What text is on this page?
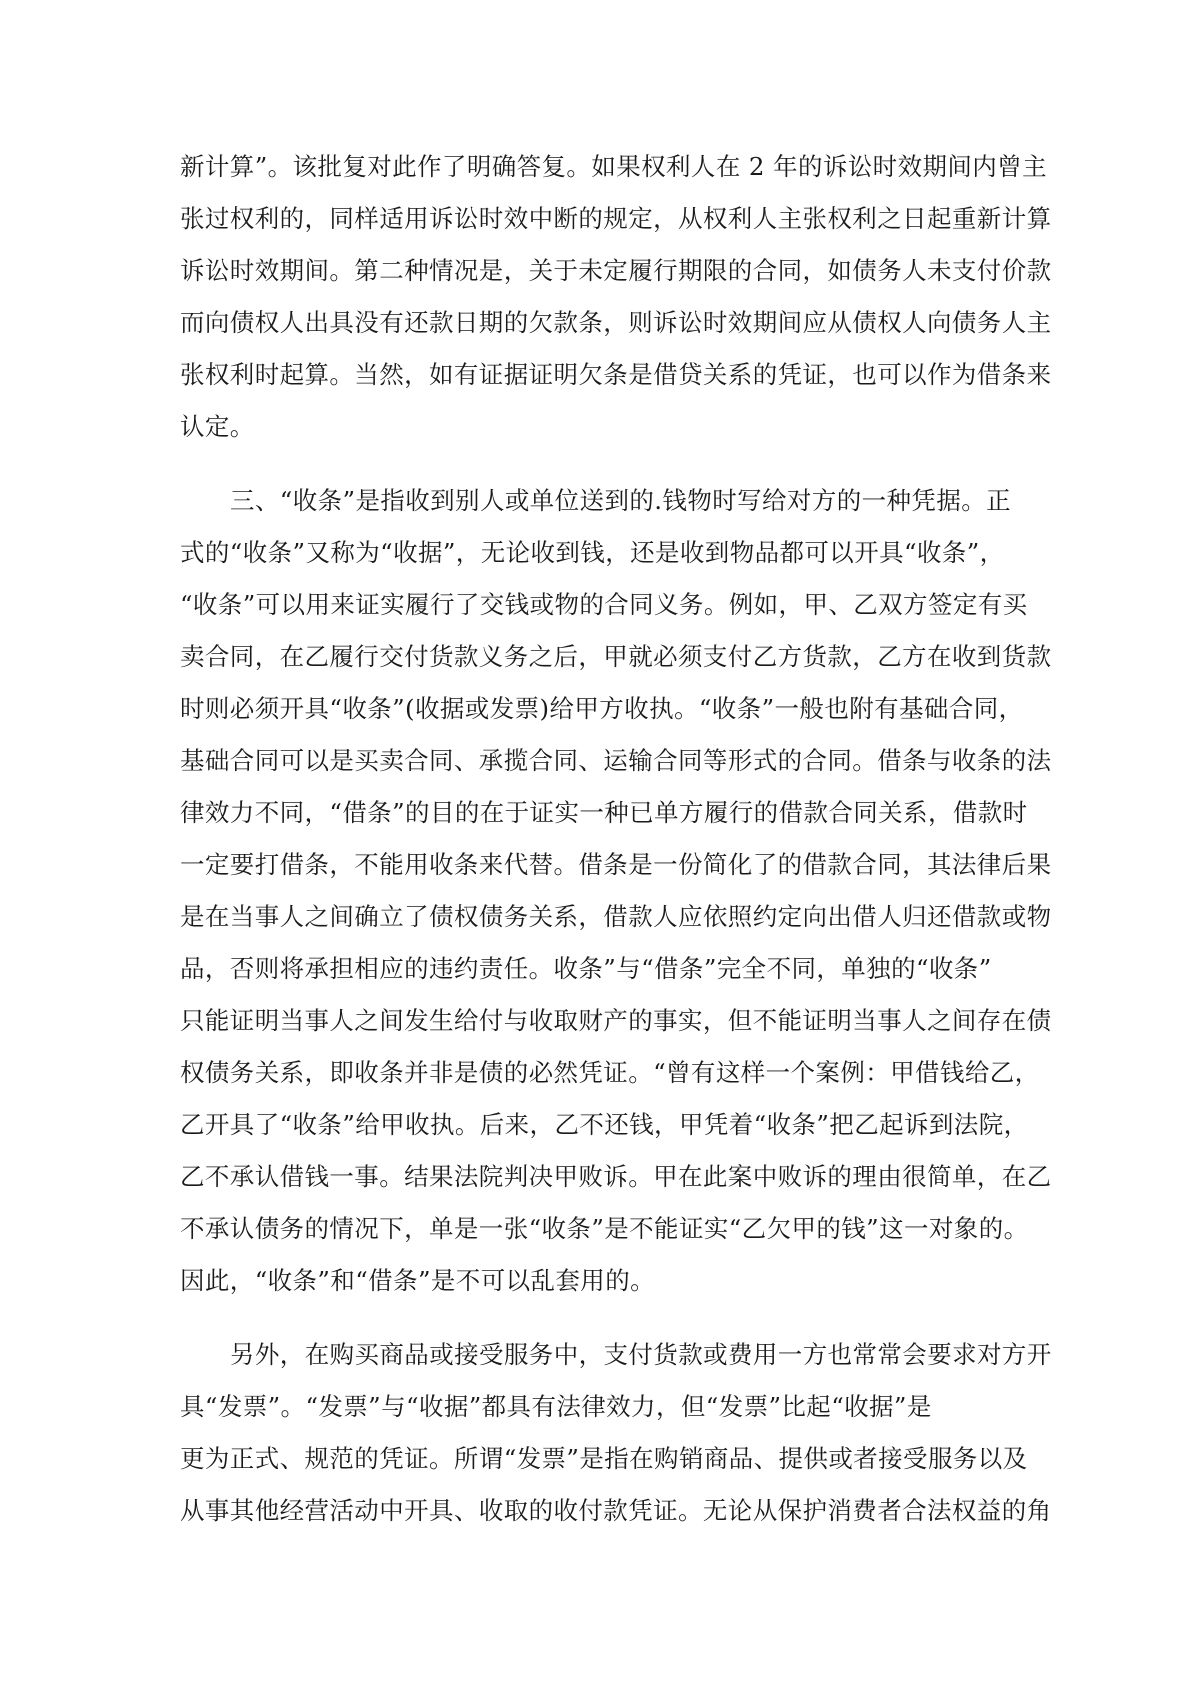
新计算”。该批复对此作了明确答复。如果权利人在 2 年的诉讼时效期间内曾主
张过权利的，同样适用诉讼时效中断的规定，从权利人主张权利之日起重新计算
诉讼时效期间。第二种情况是，关于未定履行期限的合同，如债务人未支付价款
而向债权人出具没有还款日期的欠款条，则诉讼时效期间应从债权人向债务人主
张权利时起算。当然，如有证据证明欠条是借贷关系的凭证，也可以作为借条来
认定。
三、“收条”是指收到别人或单位送到的.钱物时写给对方的一种凭据。正
式的“收条”又称为“收据”，无论收到钱，还是收到物品都可以开具“收条”，
“收条”可以用来证实履行了交钱或物的合同义务。例如，甲、乙双方签定有买
卖合同，在乙履行交付货款义务之后，甲就必须支付乙方货款，乙方在收到货款
时则必须开具“收条”(收据或发票)给甲方收执。“收条”一般也附有基础合同，
基础合同可以是买卖合同、承揽合同、运输合同等形式的合同。借条与收条的法
律效力不同，“借条”的目的在于证实一种已单方履行的借款合同关系，借款时
一定要打借条，不能用收条来代替。借条是一份简化了的借款合同，其法律后果
是在当事人之间确立了债权债务关系，借款人应依照约定向出借人归还借款或物
品，否则将承担相应的违约责任。收条”与“借条”完全不同，单独的“收条”
只能证明当事人之间发生给付与收取财产的事实，但不能证明当事人之间存在债
权债务关系，即收条并非是债的必然凭证。“曾有这样一个案例：甲借钱给乙，
乙开具了“收条”给甲收执。后来，乙不还钱，甲凭着“收条”把乙起诉到法院，
乙不承认借钱一事。结果法院判决甲败诉。甲在此案中败诉的理由很简单，在乙
不承认债务的情况下，单是一张“收条”是不能证实“乙欠甲的钱”这一对象的。
因此，“收条”和“借条”是不可以乱套用的。
另外，在购买商品或接受服务中，支付货款或费用一方也常常会要求对方开
具“发票”。“发票”与“收据”都具有法律效力，但“发票”比起“收据”是
更为正式、规范的凭证。所谓“发票”是指在购销商品、提供或者接受服务以及
从事其他经营活动中开具、收取的收付款凭证。无论从保护消费者合法权益的角
